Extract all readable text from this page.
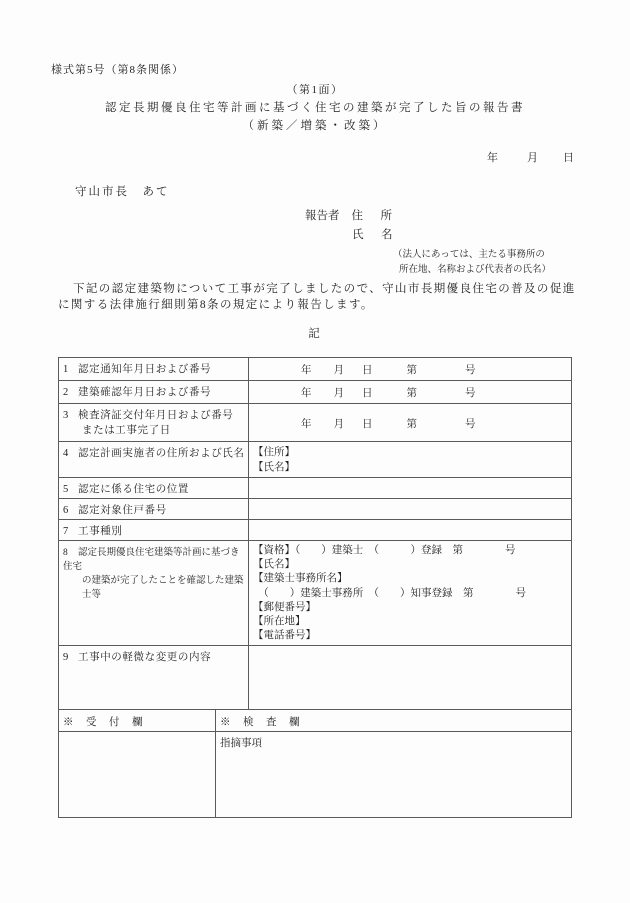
様式第5号（第8条関係）
（第1面）
認定長期優良住宅等計画に基づく住宅の建築が完了した旨の報告書
（新築／増築・改築）
年	月 日
守山市長　あて
報告者 住　所
氏　名
（法人にあっては、主たる事務所の
所在地、名称および代表者の氏名）
下記の認定建築物について工事が完了しましたので、守山市長期優良住宅の普及の促進
に関する法律施行細則第8条の規定により報告します。
記
1 認定通知年月日および番号	年 月 日 第 号

2 建築確認年月日および番号	年 月 日 第 号

3 検査済証交付年月日および番号
または工事完了日	年 月 日 第 号

4 認定計画実施者の住所および氏名	【住所】
【氏名】

5 認定に係る住宅の位置	
6 認定対象住戸番号	
7 工事種別	

8 認定長期優良住宅建築等計画に基づき住宅
の建築が完了したことを確認した建築士等

【資格】（　　）建築士　（　　　）登録　第　　　　号
【氏名】
【建築士事務所名】
　（　　）建築士事務所　（　　）知事登録　第　　　　号
【郵便番号】
【所在地】
【電話番号】

9 工事中の軽微な変更の内容	
※　受　付　欄	※　検　査　欄

	指摘事項
